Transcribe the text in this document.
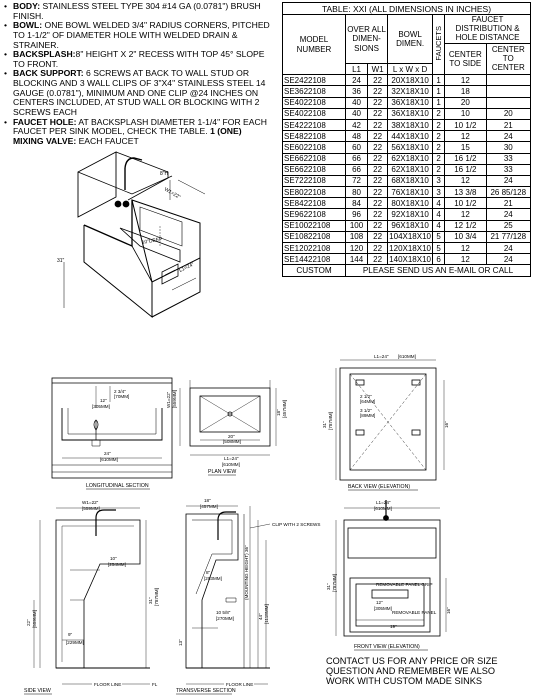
• BODY: STAINLESS STEEL TYPE 304 #14 GA (0.0781") BRUSH FINISH.
• BOWL: ONE BOWL WELDED 3/4" RADIUS CORNERS, PITCHED TO 1-1/2" OF DIAMETER HOLE WITH WELDED DRAIN & STRAINER.
• BACKSPLASH:8" HEIGHT X 2" RECESS WITH TOP 45° SLOPE TO FRONT.
• BACK SUPPORT: 6 SCREWS AT BACK TO WALL STUD OR BLOCKING AND 3 WALL CLIPS OF 3"X4" STAINLESS STEEL 14 GAUGE (0.0781"), MINIMUM AND ONE CLIP @24 INCHES ON CENTERS INCLUDED, AT STUD WALL OR BLOCKING WITH 2 SCREWS EACH
• FAUCET HOLE: AT BACKSPLASH DIAMETER 1-1/4" FOR EACH FAUCET PER SINK MODEL, CHECK THE TABLE. 1 (ONE) MIXING VALVE: EACH FAUCET
TABLE: XXI (ALL DIMENSIONS IN INCHES)						
MODEL NUMBER	OVER ALL DIMEN- SIONS		BOWL DIMEN.	FAUCETS	FAUCET DISTRIBUTION & HOLE DISTANCE	
					CENTER TO SIDE	CENTER TO CENTER
	L1	W1	L x W x D			
SE2422108	24	22	20X18X10	1	12	
SE3622108	36	22	32X18X10	1	18	
SE4022108	40	22	36X18X10	1	20	
SE4022108	40	22	36X18X10	2	10	20
SE4222108	42	22	38X18X10	2	10 1/2	21
SE4822108	48	22	44X18X10	2	12	24
SE6022108	60	22	56X18X10	2	15	30
SE6622108	66	22	62X18X10	2	16 1/2	33
SE6622108	66	22	62X18X10	2	16 1/2	33
SE7222108	72	22	68X18X10	3	12	24
SE8022108	80	22	76X18X10	3	13 3/8	26 85/128
SE8422108	84	22	80X18X10	4	10 1/2	21
SE9622108	96	22	92X18X10	4	12	24
SE10022108	100	22	96X18X10	4	12 1/2	25
SE10822108	108	22	104X18X10	5	10 3/4	21 77/128
SE12022108	120	22	120X18X10	5	12	24
SE14422108	144	22	140X18X10	6	12	24
CUSTOM	PLEASE SEND US AN E-MAIL OR CALL					
8"H
W1=22"
10"DEEP
L1=24"
31"
12"
[305MM]
2 3/4"
[70MM]
24"
[610MM]
LONGITUDINAL SECTION
20"
[508MM]
L1=24"
[610MM]
W1=22" [559MM]
18" [457MM]
PLAN VIEW
L1=24" [610MM]
31" [787MM]
2 1/2"
[64MM]
3 1/2"
[89MM]
16"
BACK VIEW (ELEVATION)
W1=22"
[559MM]
22" [559MM]
31" [787MM]
9"
[229MM]
10"
[254MM]
SIDE VIEW
FLOOR LINE	FL
18"
[457MM]
8"
[203MM]
10 5/8"
[270MM]
13"
(MOUNTING HEIGHT) 36"
44" [1118MM]
CLIP WITH 2 SCREWS
TRANSVERSE SECTION
FLOOR LINE
L1=24"
[610MM]
31" [787MM]	REMOVABLE PANEL GRIP
REMOVABLE PANEL
12"
[305MM]
19"
16"
FRONT VIEW (ELEVATION)
CONTACT US FOR ANY PRICE OR SIZE QUESTION AND REMEMBER WE ALSO WORK WITH CUSTOM MADE SINKS
